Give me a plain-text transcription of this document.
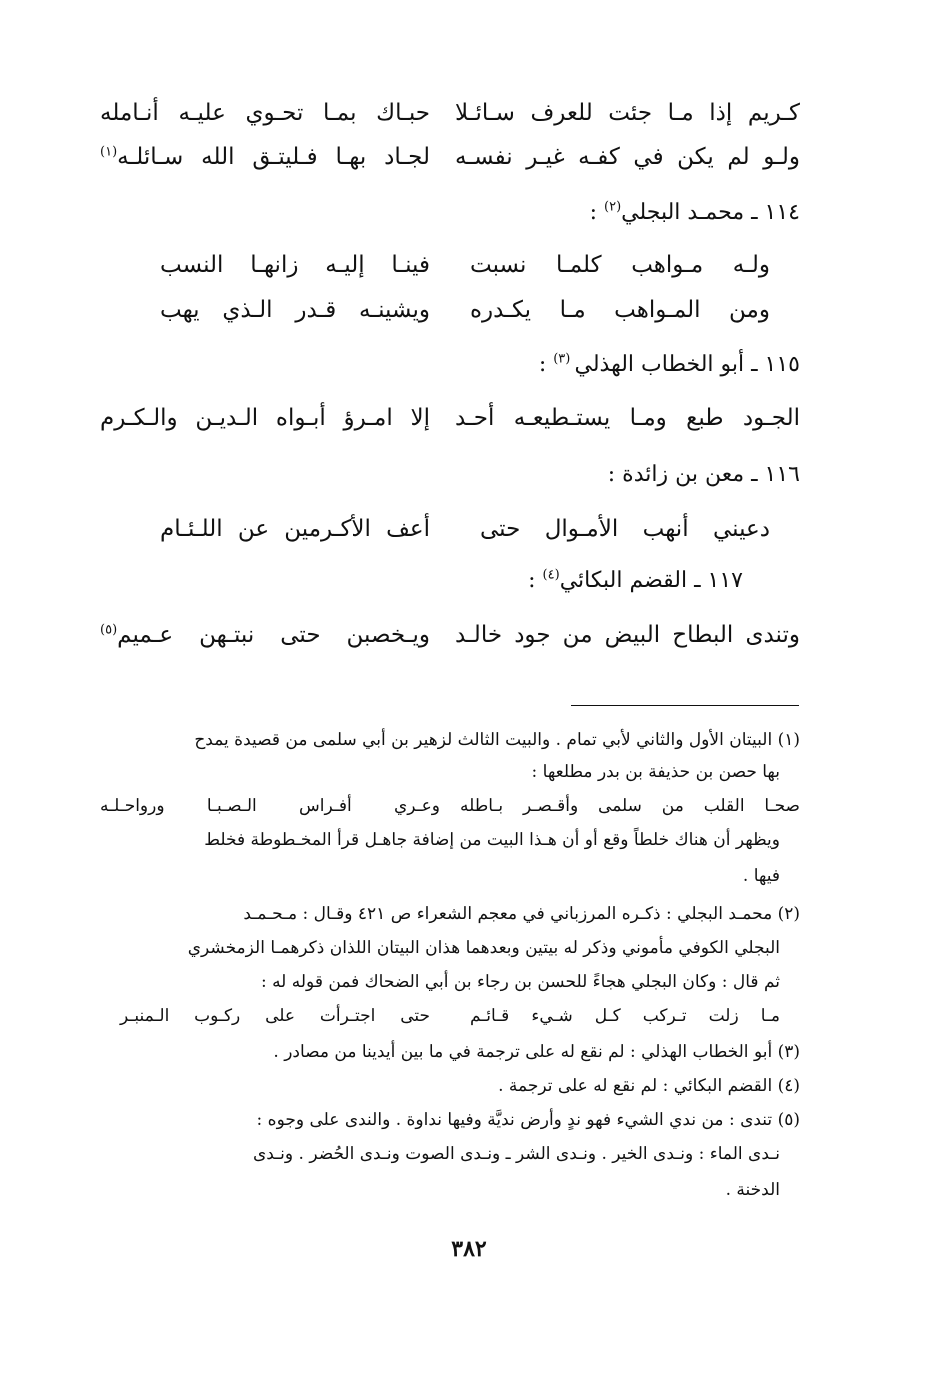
كـريم إذا مـا جئت للعرف سـائـلا
حبـاك بمـا تحـوي عليـه أنـامله
ولـو لم يكن في كفـه غيـر نفسـه
لجـاد بهـا فـليتـق الله سـائلـه$^{(١)}$
١١٤ ـ محمـد البجلي$^{(٢)}$ :
ولـه مـواهب كلمـا نسبت
فينـا إليـه زانهـا النسب
ومن المـواهب مـا يكـدره
ويشينـه قـدر الـذي يهب
١١٥ ـ أبو الخطاب الهذلي $^{(٣)}$ :
الجـود طبع ومـا يستـطيعـه أحـد
إلا امـرؤ أبـواه الـديـن والـكـرم
١١٦ ـ معن بن زائدة :
دعيني أنهب الأمـوال حتى
أعف الأكـرمين عن اللـئـام
١١٧ ـ القضم البكائي$^{(٤)}$ :
وتندى البطاح البيض من جود خالـد
ويـخصبن حتى نبتـهن عـميم$^{(٥)}$
(١) البيتان الأول والثاني لأبي تمام . والبيت الثالث لزهير بن أبي سلمى من قصيدة يمدح
بها حصن بن حذيفة بن بدر مطلعها :
صحـا القلب من سلمى وأقـصـر بـاطله
وعـري أفـراس الـصـبـا ورواحـلـه
ويظهر أن هناك خلطاً وقع أو أن هـذا البيت من إضافة جاهـل قرأ المخـطوطة فخلط
فيها .
(٢) محمـد البجلي : ذكـره المرزباني في معجم الشعراء ص ٤٢١ وقـال : مـحـمـد
البجلي الكوفي مأموني وذكر له بيتين وبعدهما هذان البيتان اللذان ذكرهمـا الزمخشري
ثم قال : وكان البجلي هجاءً للحسن بن رجاء بن أبي الضحاك فمن قوله له :
مـا زلت تـركب كـل شـيء قـائـم
حتى اجتـرأت على ركـوب الـمنبـر
(٣) أبو الخطاب الهذلي : لم نقع له على ترجمة في ما بين أيدينا من مصادر .
(٤) القضم البكائي : لم نقع له على ترجمة .
(٥) تندى : من ندي الشيء فهو ندٍ وأرض نديَّة وفيها نداوة . والندى على وجوه :
نـدى الماء : ونـدى الخير . ونـدى الشر ـ ونـدى الصوت ونـدى الحُضر . ونـدى
الدخنة .
٣٨٢
